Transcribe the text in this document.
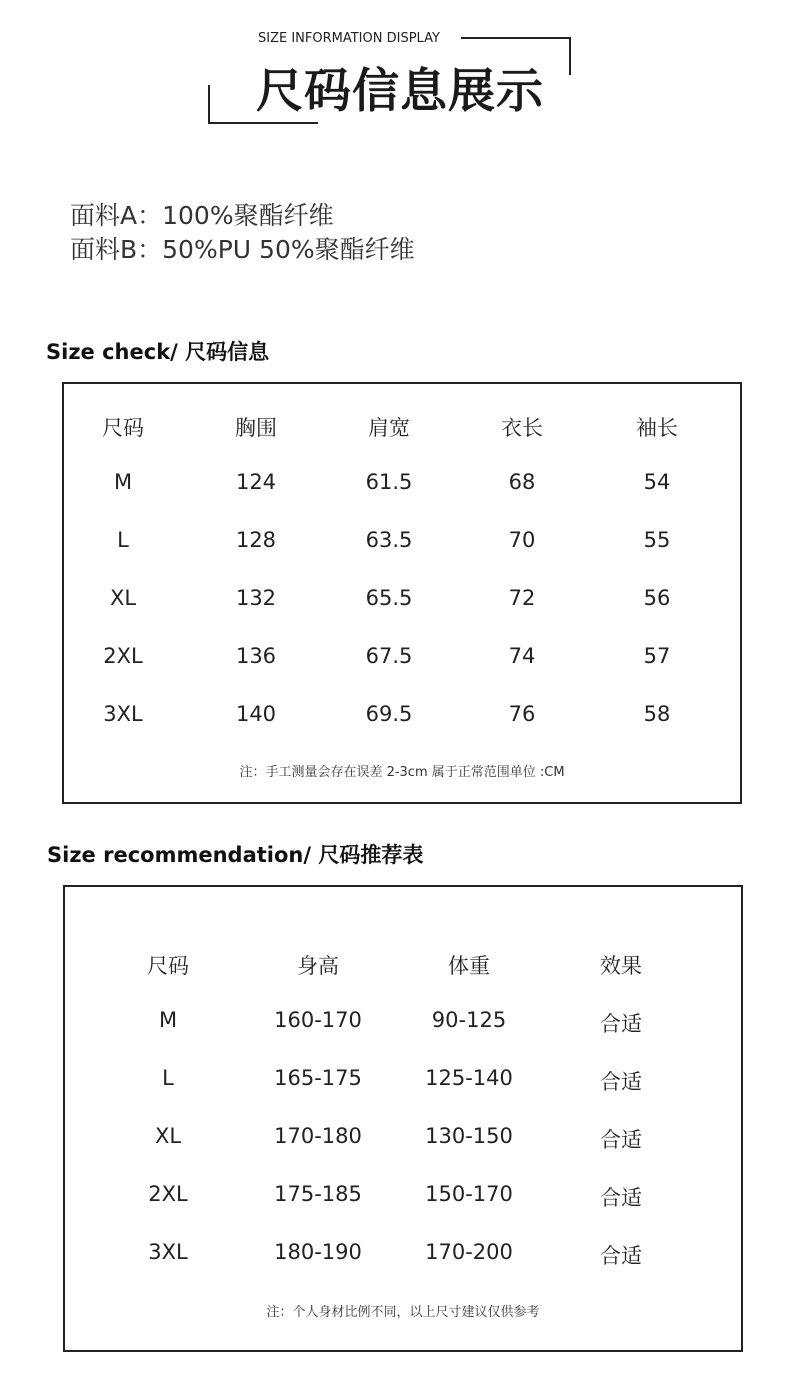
SIZE INFORMATION DISPLAY
尺码信息展示
面料A：100%聚酯纤维
面料B：50%PU 50%聚酯纤维
Size check/ 尺码信息
尺码	胸围	肩宽	衣长	袖长
M	124	61.5	68	54
L	128	63.5	70	55
XL	132	65.5	72	56
2XL	136	67.5	74	57
3XL	140	69.5	76	58
注：手工测量会存在误差 2-3cm 属于正常范围单位 :CM
Size recommendation/ 尺码推荐表
尺码	身高	体重	效果
M	160-170	90-125	合适
L	165-175	125-140	合适
XL	170-180	130-150	合适
2XL	175-185	150-170	合适
3XL	180-190	170-200	合适
注：个人身材比例不同，以上尺寸建议仅供参考
